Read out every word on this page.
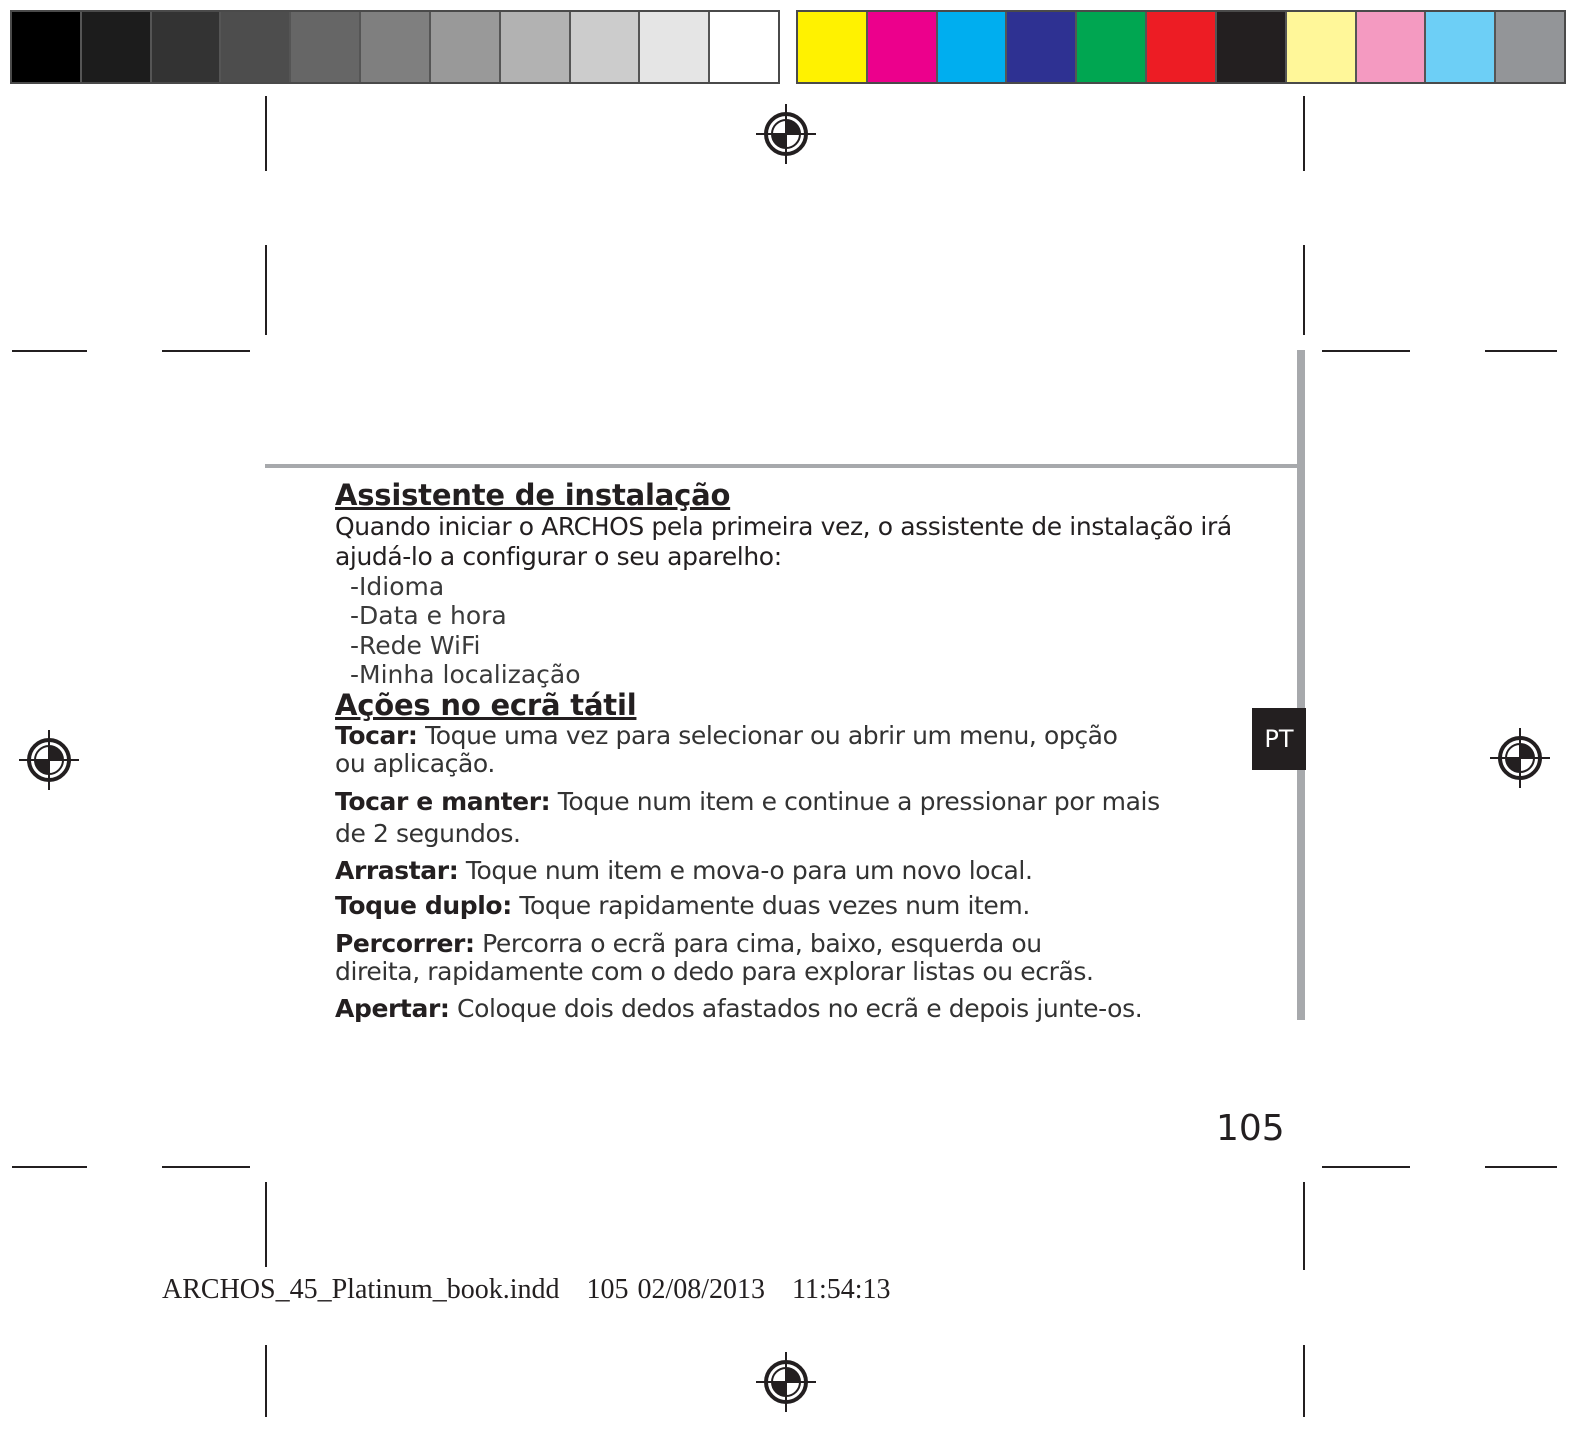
PT
Assistente de instalação
Quando iniciar o ARCHOS pela primeira vez, o assistente de instalação irá ajudá-lo a configurar o seu aparelho:
-Idioma
-Data e hora
-Rede WiFi
-Minha localização
Ações no ecrã tátil
Tocar: Toque uma vez para selecionar ou abrir um menu, opção ou aplicação.
Tocar e manter: Toque num item e continue a pressionar por mais de 2 segundos.
Arrastar: Toque num item e mova-o para um novo local.
Toque duplo: Toque rapidamente duas vezes num item.
Percorrer: Percorra o ecrã para cima, baixo, esquerda ou direita, rapidamente com o dedo para explorar listas ou ecrãs.
Apertar: Coloque dois dedos afastados no ecrã e depois junte-os.
105
ARCHOS_45_Platinum_book.indd   105 02/08/2013   11:54:13
